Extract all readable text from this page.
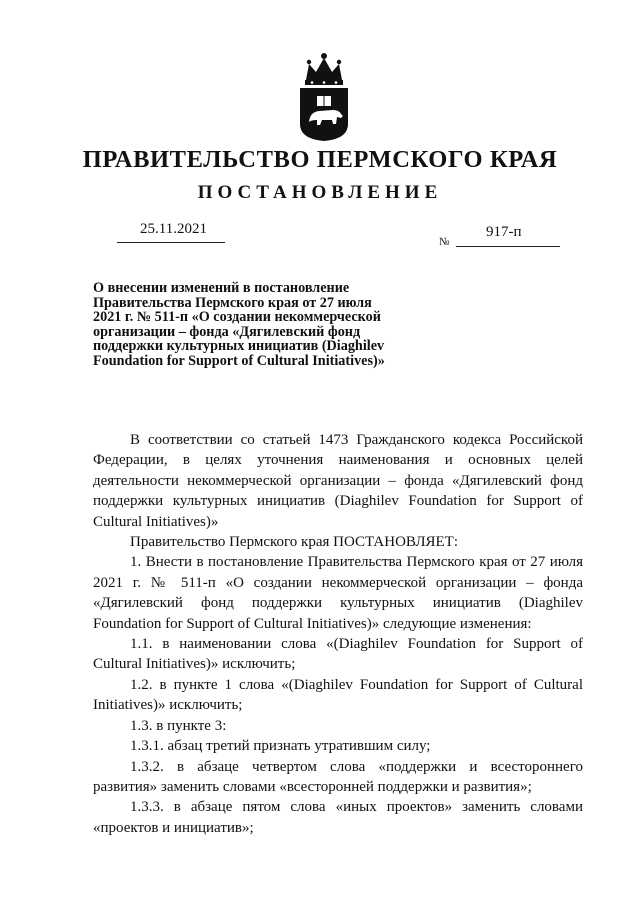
ПРАВИТЕЛЬСТВО ПЕРМСКОГО КРАЯ
ПОСТАНОВЛЕНИЕ
25.11.2021
№
917-п
О внесении изменений в постановление
Правительства Пермского края от 27 июля
2021 г. № 511-п «О создании некоммерческой
организации – фонда «Дягилевский фонд
поддержки культурных инициатив (Diaghilev
Foundation for Support of Cultural Initiatives)»

В соответствии со статьей 1473 Гражданского кодекса Российской Федерации, в целях уточнения наименования и основных целей деятельности некоммерческой организации – фонда «Дягилевский фонд поддержки культурных инициатив (Diaghilev Foundation for Support of Cultural Initiatives)»

Правительство Пермского края ПОСТАНОВЛЯЕТ:

1. Внести в постановление Правительства Пермского края от 27 июля 2021 г. № 511-п «О создании некоммерческой организации – фонда «Дягилевский фонд поддержки культурных инициатив (Diaghilev Foundation for Support of Cultural Initiatives)» следующие изменения:

1.1. в наименовании слова «(Diaghilev Foundation for Support of Cultural Initiatives)» исключить;

1.2. в пункте 1 слова «(Diaghilev Foundation for Support of Cultural Initiatives)» исключить;

1.3. в пункте 3:

1.3.1. абзац третий признать утратившим силу;

1.3.2. в абзаце четвертом слова «поддержки и всестороннего развития» заменить словами «всесторонней поддержки и развития»;

1.3.3. в абзаце пятом слова «иных проектов» заменить словами «проектов и инициатив»;
